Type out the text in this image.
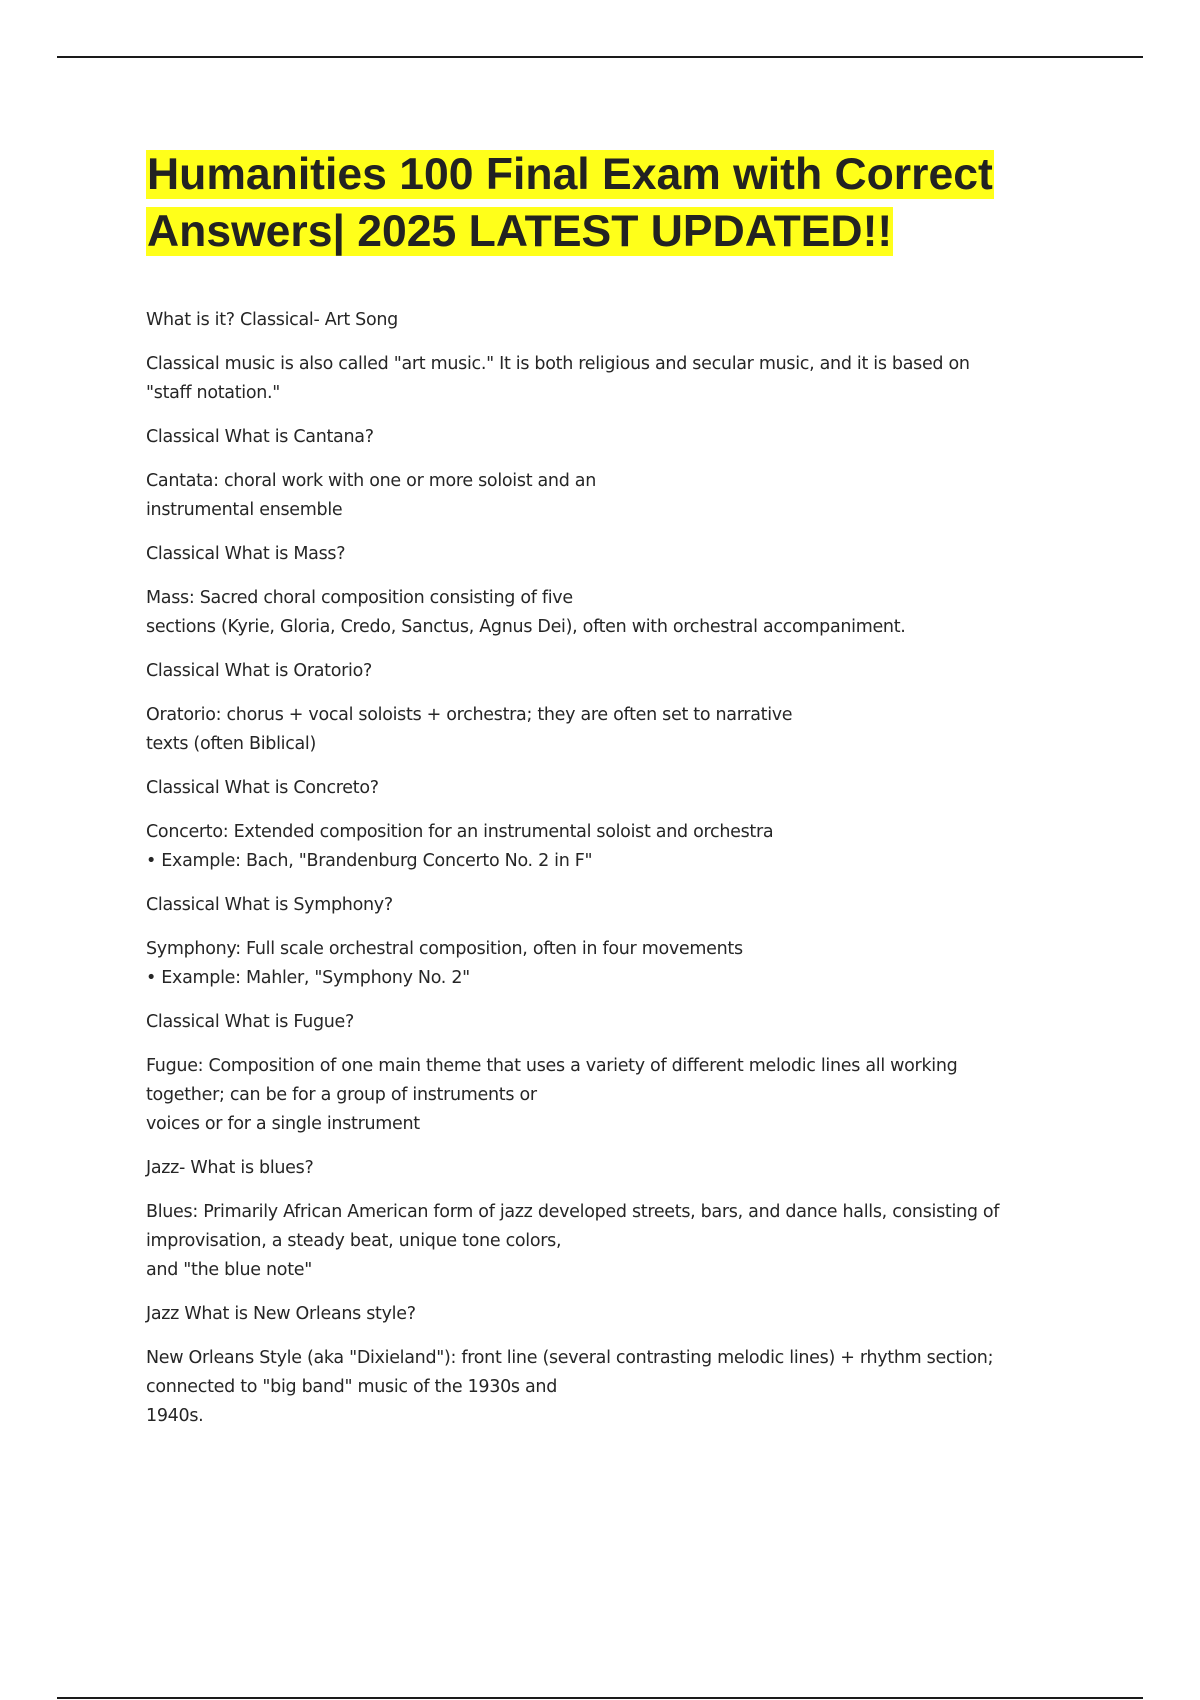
Humanities 100 Final Exam with Correct Answers| 2025 LATEST UPDATED!!

What is it? Classical- Art Song

Classical music is also called "art music." It is both religious and secular music, and it is based on
"staff notation."

Classical What is Cantana?

Cantata: choral work with one or more soloist and an
instrumental ensemble

Classical What is Mass?

Mass: Sacred choral composition consisting of five
sections (Kyrie, Gloria, Credo, Sanctus, Agnus Dei), often with orchestral accompaniment.

Classical What is Oratorio?

Oratorio: chorus + vocal soloists + orchestra; they are often set to narrative
texts (often Biblical)

Classical What is Concreto?

Concerto: Extended composition for an instrumental soloist and orchestra
• Example: Bach, "Brandenburg Concerto No. 2 in F"

Classical What is Symphony?

Symphony: Full scale orchestral composition, often in four movements
• Example: Mahler, "Symphony No. 2"

Classical What is Fugue?

Fugue: Composition of one main theme that uses a variety of different melodic lines all working
together; can be for a group of instruments or
voices or for a single instrument

Jazz- What is blues?

Blues: Primarily African American form of jazz developed streets, bars, and dance halls, consisting of
improvisation, a steady beat, unique tone colors,
and "the blue note"

Jazz What is New Orleans style?

New Orleans Style (aka "Dixieland"): front line (several contrasting melodic lines) + rhythm section;
connected to "big band" music of the 1930s and
1940s.
